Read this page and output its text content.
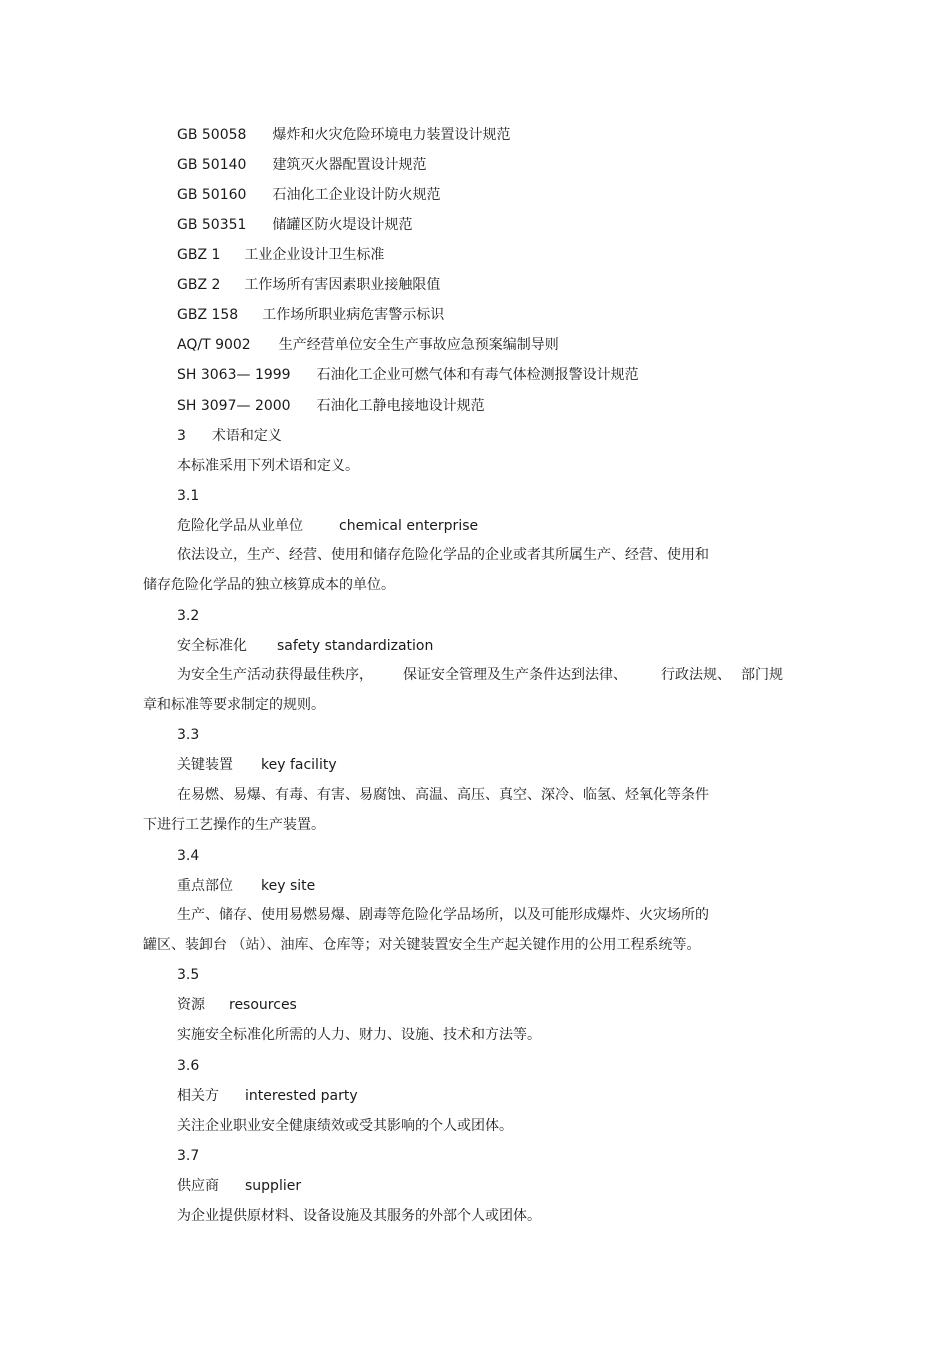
GB 50058 爆炸和火灾危险环境电力装置设计规范
GB 50140 建筑灭火器配置设计规范
GB 50160 石油化工企业设计防火规范
GB 50351 储罐区防火堤设计规范
GBZ 1 工业企业设计卫生标准
GBZ 2 工作场所有害因素职业接触限值
GBZ 158 工作场所职业病危害警示标识
AQ/T 9002 生产经营单位安全生产事故应急预案编制导则
SH 3063— 1999 石油化工企业可燃气体和有毒气体检测报警设计规范
SH 3097— 2000 石油化工静电接地设计规范
3 术语和定义
本标准采用下列术语和定义。
3.1
危险化学品从业单位	chemical enterprise
依法设立，生产、经营、使用和储存危险化学品的企业或者其所属生产、经营、使用和
储存危险化学品的独立核算成本的单位。
3.2
安全标准化 safety standardization
为安全生产活动获得最佳秩序， 保证安全管理及生产条件达到法律、 行政法规、 部门规
章和标准等要求制定的规则。
3.3
关键装置 key facility
在易燃、易爆、有毒、有害、易腐蚀、高温、高压、真空、深冷、临氢、烃氧化等条件
下进行工艺操作的生产装置。
3.4
重点部位 key site
生产、储存、使用易燃易爆、剧毒等危险化学品场所，以及可能形成爆炸、火灾场所的
罐区、装卸台 （站）、油库、仓库等；对关键装置安全生产起关键作用的公用工程系统等。
3.5
资源 resources
实施安全标准化所需的人力、财力、设施、技术和方法等。
3.6
相关方 interested party
关注企业职业安全健康绩效或受其影响的个人或团体。
3.7
供应商 supplier
为企业提供原材料、设备设施及其服务的外部个人或团体。
